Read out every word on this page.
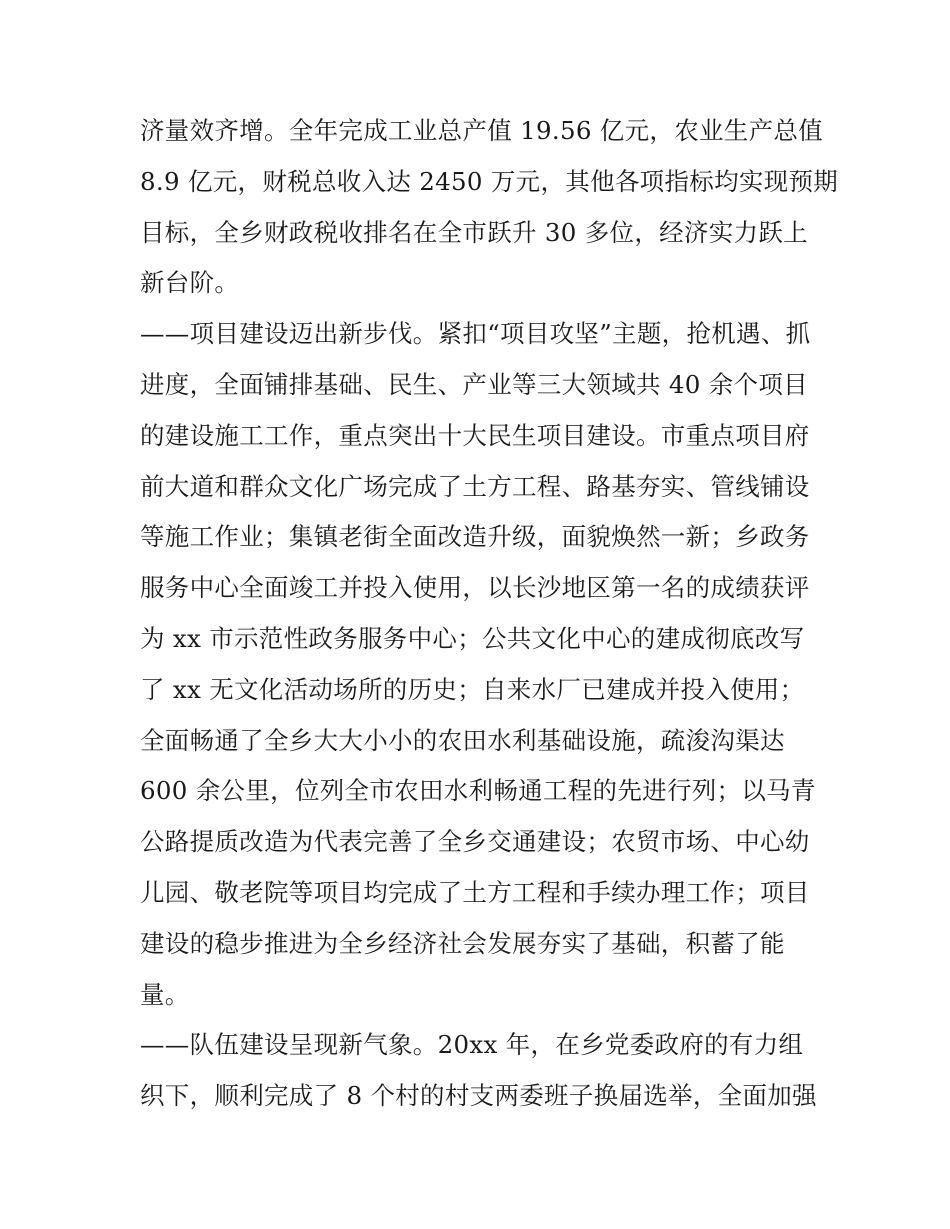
济量效齐增。全年完成工业总产值 19.56 亿元，农业生产总值
8.9 亿元，财税总收入达 2450 万元，其他各项指标均实现预期
目标，全乡财政税收排名在全市跃升 30 多位，经济实力跃上
新台阶。
——项目建设迈出新步伐。紧扣“项目攻坚”主题，抢机遇、抓
进度，全面铺排基础、民生、产业等三大领域共 40 余个项目
的建设施工工作，重点突出十大民生项目建设。市重点项目府
前大道和群众文化广场完成了土方工程、路基夯实、管线铺设
等施工作业；集镇老街全面改造升级，面貌焕然一新；乡政务
服务中心全面竣工并投入使用，以长沙地区第一名的成绩获评
为 xx 市示范性政务服务中心；公共文化中心的建成彻底改写
了 xx 无文化活动场所的历史；自来水厂已建成并投入使用；
全面畅通了全乡大大小小的农田水利基础设施，疏浚沟渠达
600 余公里，位列全市农田水利畅通工程的先进行列；以马青
公路提质改造为代表完善了全乡交通建设；农贸市场、中心幼
儿园、敬老院等项目均完成了土方工程和手续办理工作；项目
建设的稳步推进为全乡经济社会发展夯实了基础，积蓄了能
量。
——队伍建设呈现新气象。20xx 年，在乡党委政府的有力组
织下，顺利完成了 8 个村的村支两委班子换届选举，全面加强
